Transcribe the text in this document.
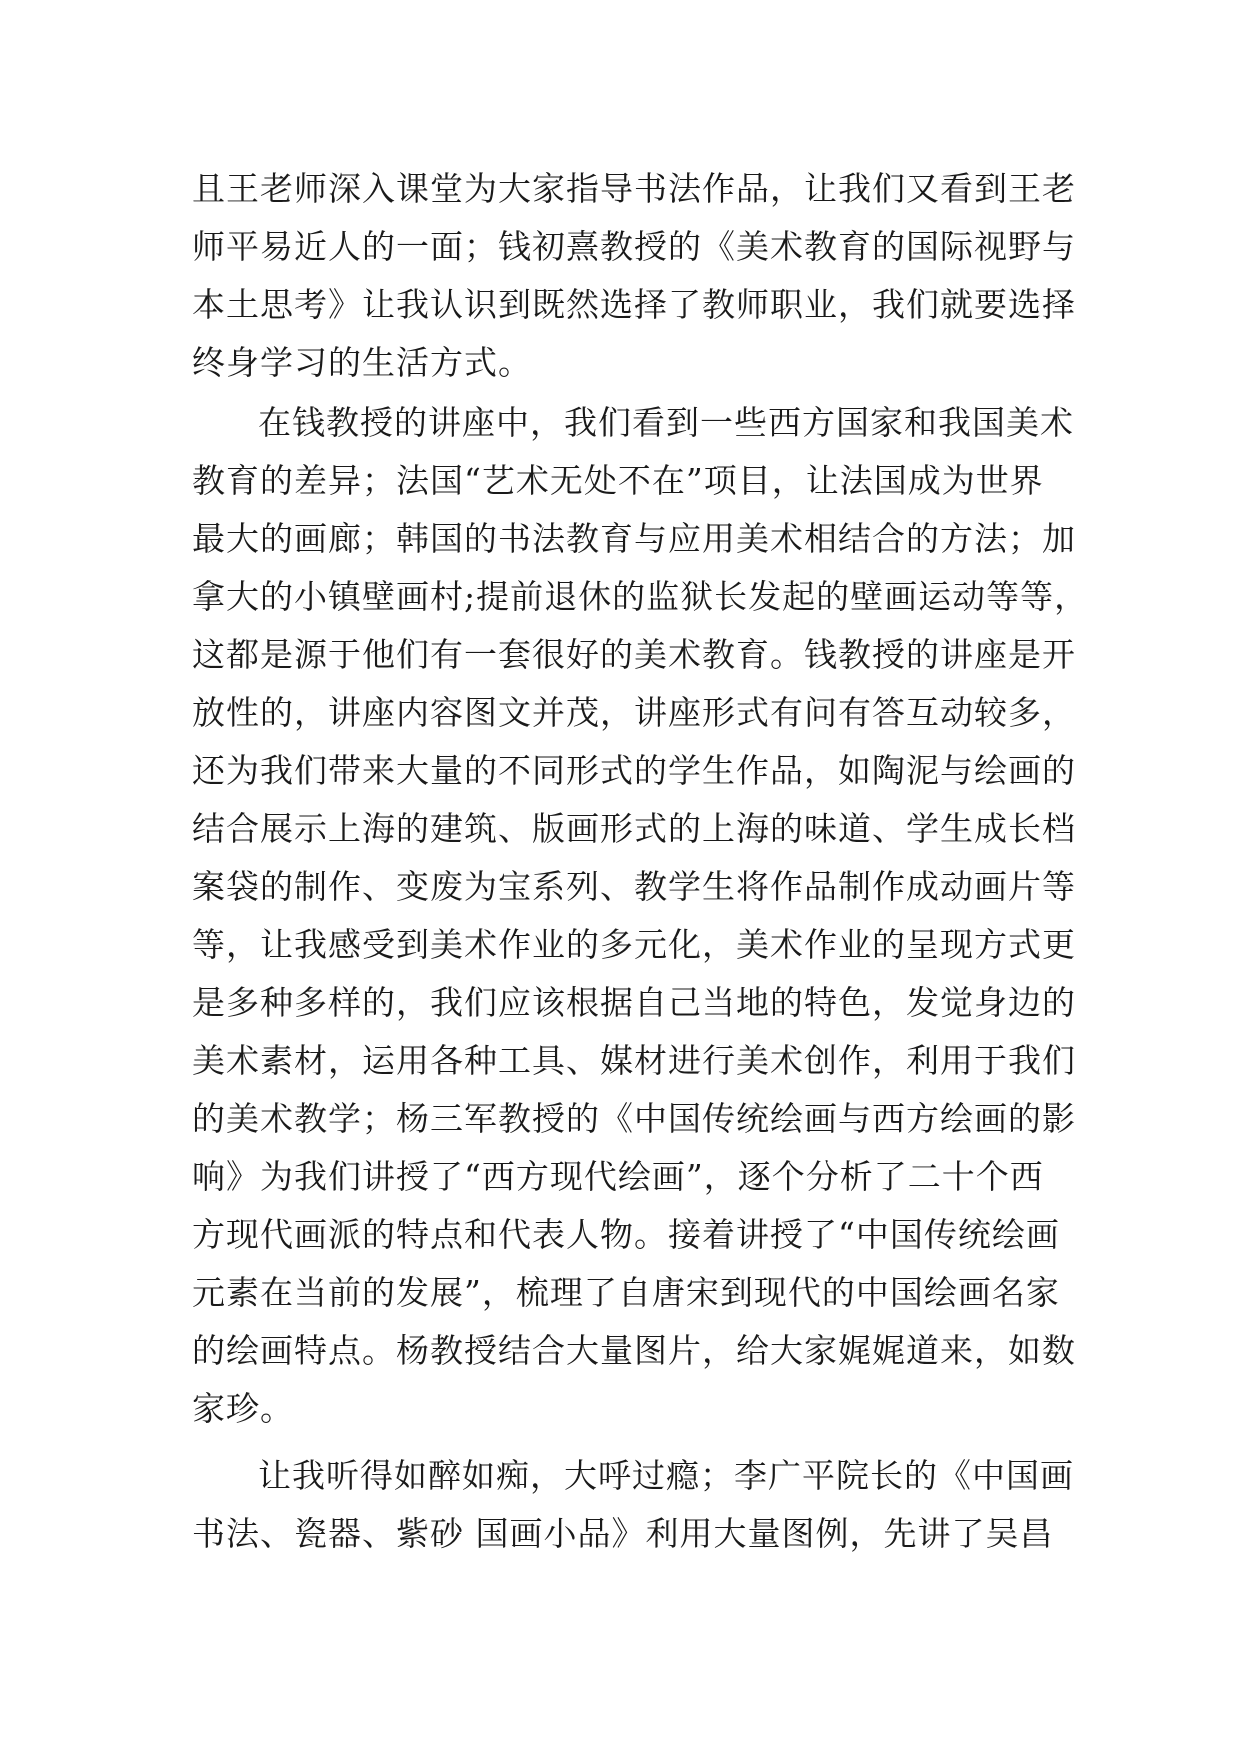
且王老师深入课堂为大家指导书法作品，让我们又看到王老

师平易近人的一面；钱初熹教授的《美术教育的国际视野与

本土思考》让我认识到既然选择了教师职业，我们就要选择

终身学习的生活方式。

在钱教授的讲座中，我们看到一些西方国家和我国美术

教育的差异；法国“艺术无处不在”项目，让法国成为世界

最大的画廊；韩国的书法教育与应用美术相结合的方法；加

拿大的小镇壁画村;提前退休的监狱长发起的壁画运动等等，

这都是源于他们有一套很好的美术教育。钱教授的讲座是开

放性的，讲座内容图文并茂，讲座形式有问有答互动较多，

还为我们带来大量的不同形式的学生作品，如陶泥与绘画的

结合展示上海的建筑、版画形式的上海的味道、学生成长档

案袋的制作、变废为宝系列、教学生将作品制作成动画片等

等，让我感受到美术作业的多元化，美术作业的呈现方式更

是多种多样的，我们应该根据自己当地的特色，发觉身边的

美术素材，运用各种工具、媒材进行美术创作，利用于我们

的美术教学；杨三军教授的《中国传统绘画与西方绘画的影

响》为我们讲授了“西方现代绘画”，逐个分析了二十个西

方现代画派的特点和代表人物。接着讲授了“中国传统绘画

元素在当前的发展”，梳理了自唐宋到现代的中国绘画名家

的绘画特点。杨教授结合大量图片，给大家娓娓道来，如数

家珍。

让我听得如醉如痴，大呼过瘾；李广平院长的《中国画

书法、瓷器、紫砂 国画小品》利用大量图例，先讲了吴昌
